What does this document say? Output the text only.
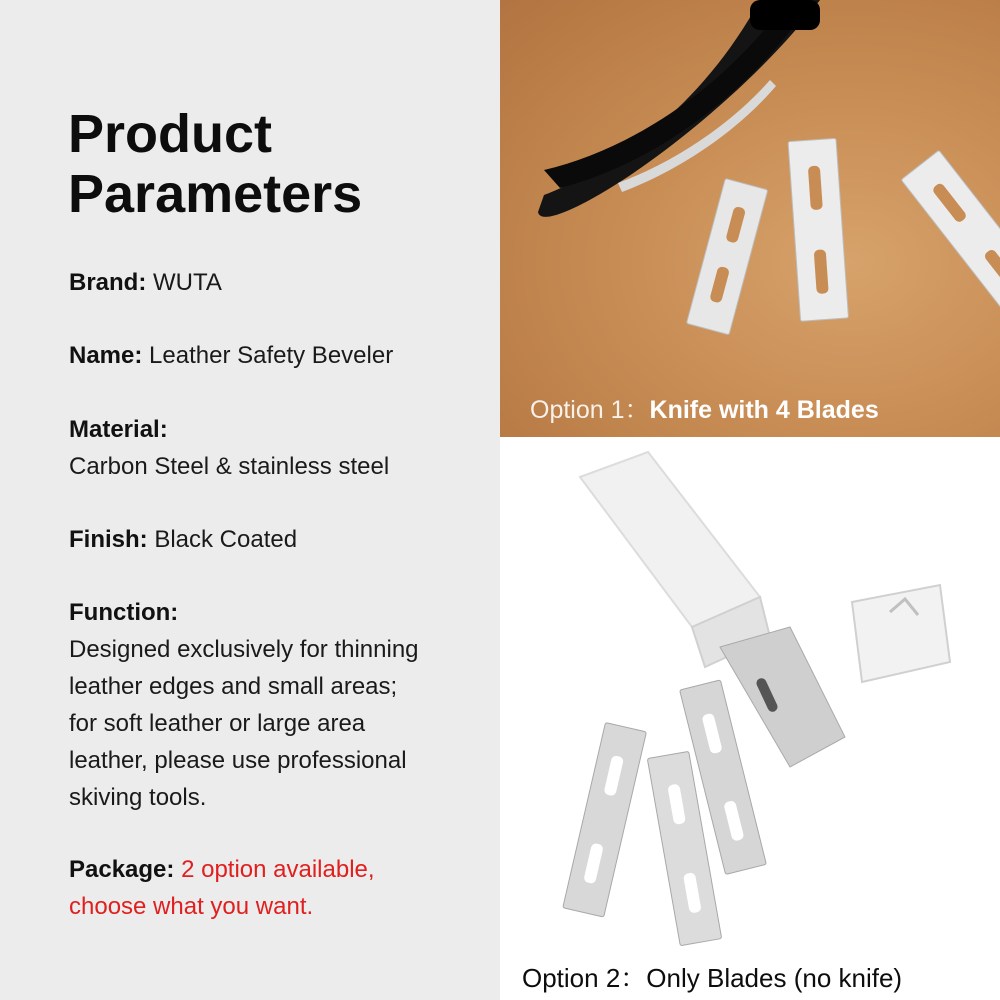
Product
Parameters

Brand: WUTA

Name: Leather Safety Beveler

Material:
Carbon Steel & stainless steel

Finish: Black Coated

Function:
Designed exclusively for thinning
leather edges and small areas;
for soft leather or large area
leather, please use professional
skiving tools.

Package: 2 option available,
choose what you want.

Option 1：Knife with 4 Blades
Option 2：Only Blades (no knife)
